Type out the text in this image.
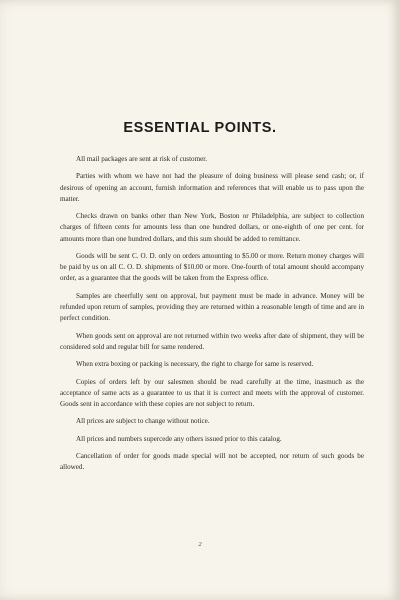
ESSENTIAL POINTS.

All mail packages are sent at risk of customer.

Parties with whom we have not had the pleasure of doing business will please send cash; or, if desirous of opening an account, furnish information and references that will enable us to pass upon the matter.

Checks drawn on banks other than New York, Boston or Philadelphia, are subject to collection charges of fifteen cents for amounts less than one hundred dollars, or one-eighth of one per cent. for amounts more than one hundred dollars, and this sum should be added to remittance.

Goods will be sent C. O. D. only on orders amounting to $5.00 or more. Return money charges will be paid by us on all C. O. D. shipments of $10.00 or more. One-fourth of total amount should accompany order, as a guarantee that the goods will be taken from the Express office.

Samples are cheerfully sent on approval, but payment must be made in advance. Money will be refunded upon return of samples, providing they are returned within a reasonable length of time and are in perfect condition.

When goods sent on approval are not returned within two weeks after date of shipment, they will be considered sold and regular bill for same rendered.

When extra boxing or packing is necessary, the right to charge for same is reserved.

Copies of orders left by our salesmen should be read carefully at the time, inasmuch as the acceptance of same acts as a guarantee to us that it is correct and meets with the approval of customer. Goods sent in accordance with these copies are not subject to return.

All prices are subject to change without notice.

All prices and numbers supercede any others issued prior to this catalog.

Cancellation of order for goods made special will not be accepted, nor return of such goods be allowed.

2
